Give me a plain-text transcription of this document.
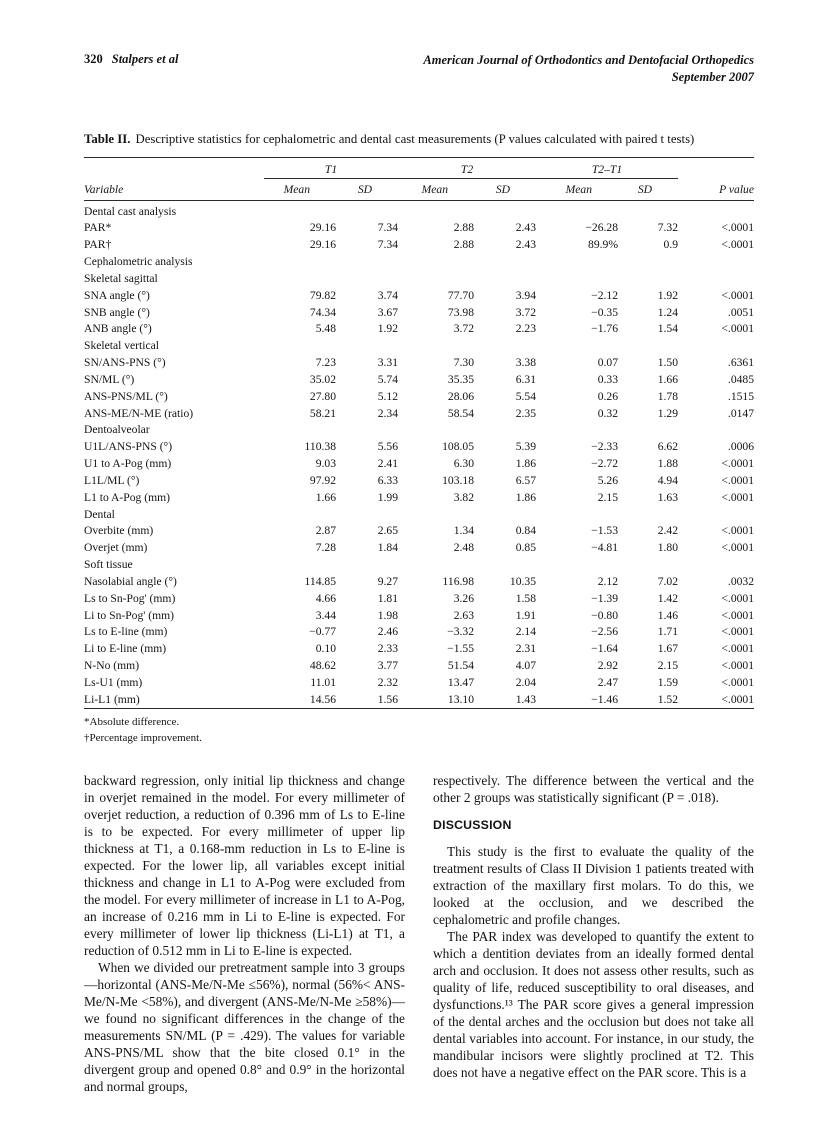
320 Stalpers et al	American Journal of Orthodontics and Dentofacial Orthopedics
September 2007
Table II. Descriptive statistics for cephalometric and dental cast measurements (P values calculated with paired t tests)
	T1		T2		T2–T1		
Variable	Mean	SD	Mean	SD	Mean	SD	P value
Dental cast analysis							
PAR*	29.16	7.34	2.88	2.43	−26.28	7.32	<.0001
PAR†	29.16	7.34	2.88	2.43	89.9%	0.9	<.0001
Cephalometric analysis							
Skeletal sagittal							
SNA angle (°)	79.82	3.74	77.70	3.94	−2.12	1.92	<.0001
SNB angle (°)	74.34	3.67	73.98	3.72	−0.35	1.24	.0051
ANB angle (°)	5.48	1.92	3.72	2.23	−1.76	1.54	<.0001
Skeletal vertical							
SN/ANS-PNS (°)	7.23	3.31	7.30	3.38	0.07	1.50	.6361
SN/ML (°)	35.02	5.74	35.35	6.31	0.33	1.66	.0485
ANS-PNS/ML (°)	27.80	5.12	28.06	5.54	0.26	1.78	.1515
ANS-ME/N-ME (ratio)	58.21	2.34	58.54	2.35	0.32	1.29	.0147
Dentoalveolar							
U1L/ANS-PNS (°)	110.38	5.56	108.05	5.39	−2.33	6.62	.0006
U1 to A-Pog (mm)	9.03	2.41	6.30	1.86	−2.72	1.88	<.0001
L1L/ML (°)	97.92	6.33	103.18	6.57	5.26	4.94	<.0001
L1 to A-Pog (mm)	1.66	1.99	3.82	1.86	2.15	1.63	<.0001
Dental							
Overbite (mm)	2.87	2.65	1.34	0.84	−1.53	2.42	<.0001
Overjet (mm)	7.28	1.84	2.48	0.85	−4.81	1.80	<.0001
Soft tissue							
Nasolabial angle (°)	114.85	9.27	116.98	10.35	2.12	7.02	.0032
Ls to Sn-Pog' (mm)	4.66	1.81	3.26	1.58	−1.39	1.42	<.0001
Li to Sn-Pog' (mm)	3.44	1.98	2.63	1.91	−0.80	1.46	<.0001
Ls to E-line (mm)	−0.77	2.46	−3.32	2.14	−2.56	1.71	<.0001
Li to E-line (mm)	0.10	2.33	−1.55	2.31	−1.64	1.67	<.0001
N-No (mm)	48.62	3.77	51.54	4.07	2.92	2.15	<.0001
Ls-U1 (mm)	11.01	2.32	13.47	2.04	2.47	1.59	<.0001
Li-L1 (mm)	14.56	1.56	13.10	1.43	−1.46	1.52	<.0001
*Absolute difference.
†Percentage improvement.

backward regression, only initial lip thickness and change in overjet remained in the model. For every millimeter of overjet reduction, a reduction of 0.396 mm of Ls to E-line is to be expected. For every millimeter of upper lip thickness at T1, a 0.168-mm reduction in Ls to E-line is expected. For the lower lip, all variables except initial thickness and change in L1 to A-Pog were excluded from the model. For every millimeter of increase in L1 to A-Pog, an increase of 0.216 mm in Li to E-line is expected. For every millimeter of lower lip thickness (Li-L1) at T1, a reduction of 0.512 mm in Li to E-line is expected.

When we divided our pretreatment sample into 3 groups—horizontal (ANS-Me/N-Me ≤56%), normal (56%< ANS-Me/N-Me <58%), and divergent (ANS-Me/N-Me ≥58%)—we found no significant differences in the change of the measurements SN/ML (P = .429). The values for variable ANS-PNS/ML show that the bite closed 0.1° in the divergent group and opened 0.8° and 0.9° in the horizontal and normal groups,

respectively. The difference between the vertical and the other 2 groups was statistically significant (P = .018).

DISCUSSION

This study is the first to evaluate the quality of the treatment results of Class II Division 1 patients treated with extraction of the maxillary first molars. To do this, we looked at the occlusion, and we described the cephalometric and profile changes.

The PAR index was developed to quantify the extent to which a dentition deviates from an ideally formed dental arch and occlusion. It does not assess other results, such as quality of life, reduced susceptibility to oral diseases, and dysfunctions.¹³ The PAR score gives a general impression of the dental arches and the occlusion but does not take all dental variables into account. For instance, in our study, the mandibular incisors were slightly proclined at T2. This does not have a negative effect on the PAR score. This is a
